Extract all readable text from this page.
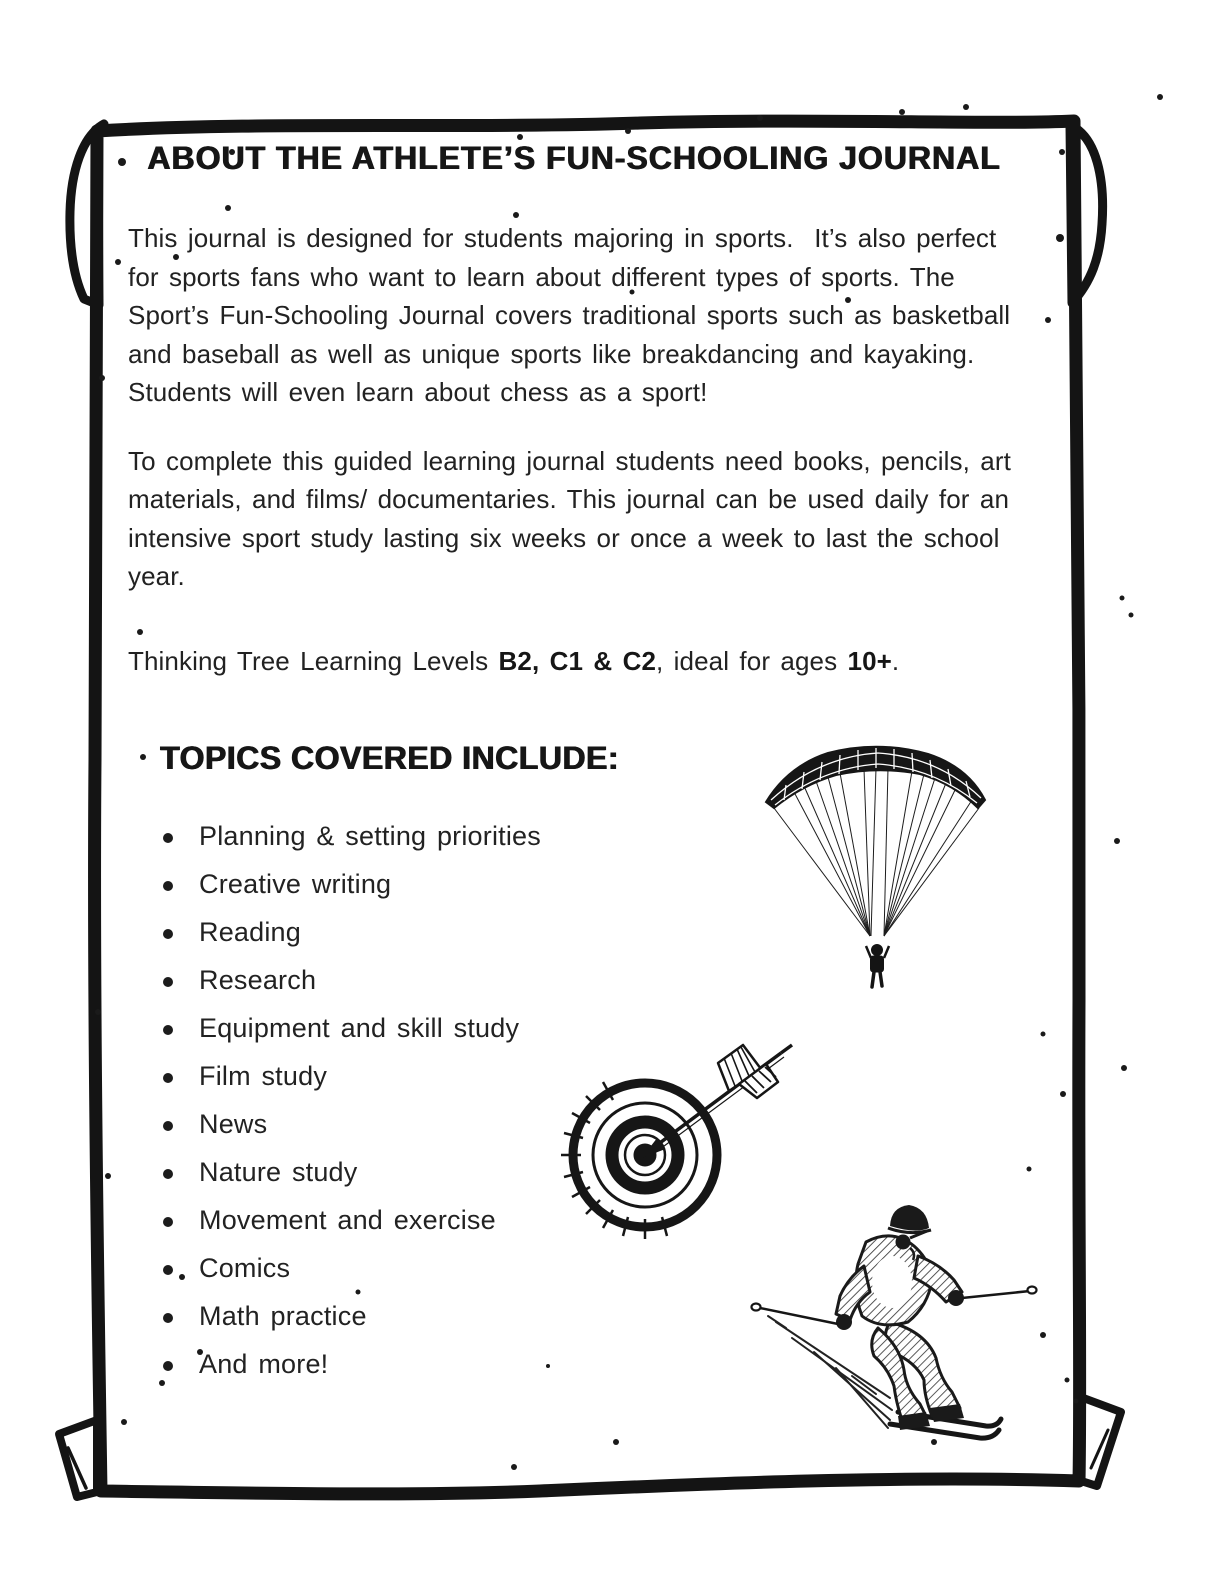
ABOUT THE ATHLETE’S FUN-SCHOOLING JOURNAL

This journal is designed for students majoring in sports.  It’s also perfect for sports fans who want to learn about different types of sports. The Sport’s Fun-Schooling Journal covers traditional sports such as basketball and baseball as well as unique sports like breakdancing and kayaking.  Students will even learn about chess as a sport!

To complete this guided learning journal students need books, pencils, art materials, and films/ documentaries. This journal can be used daily for an intensive sport study lasting six weeks or once a week to last the school year.

Thinking Tree Learning Levels B2, C1 & C2, ideal for ages 10+.

TOPICS COVERED INCLUDE:
Planning & setting priorities
Creative writing
Reading
Research
Equipment and skill study
Film study
News
Nature study
Movement and exercise
Comics
Math practice
And more!
